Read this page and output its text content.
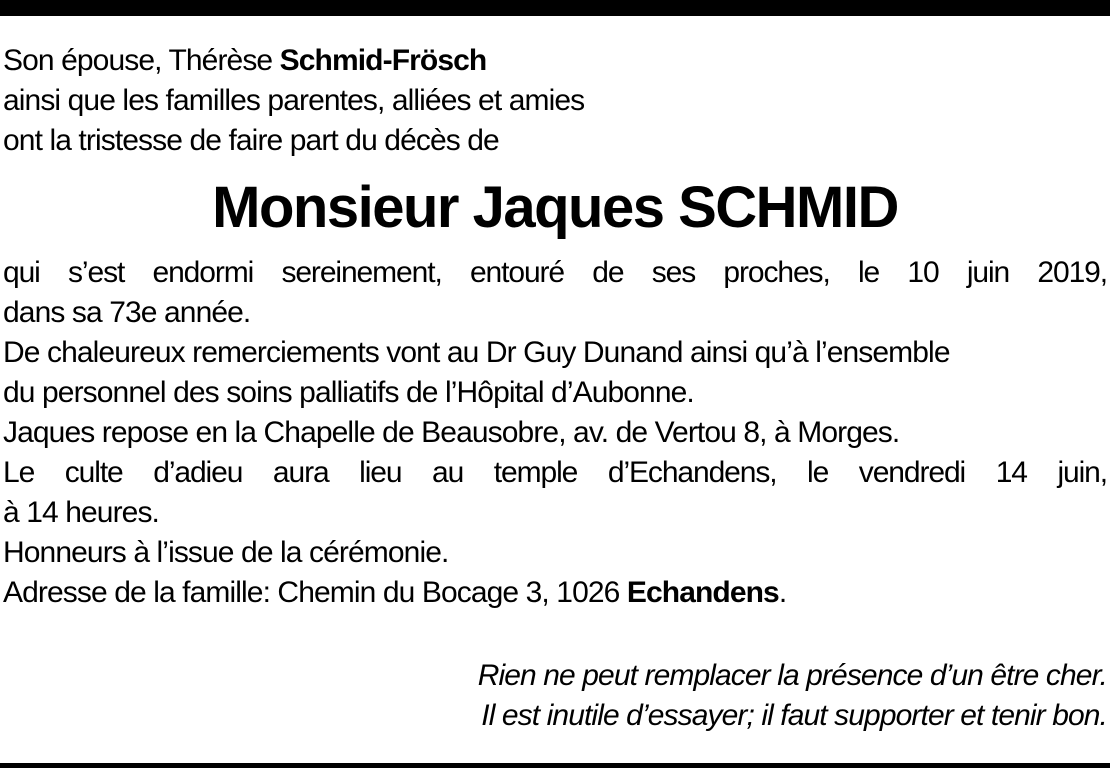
Son épouse, Thérèse Schmid-Frösch
ainsi que les familles parentes, alliées et amies
ont la tristesse de faire part du décès de
Monsieur Jaques SCHMID
qui s’est endormi sereinement, entouré de ses proches, le 10 juin 2019,
dans sa 73e année.
De chaleureux remerciements vont au Dr Guy Dunand ainsi qu’à l’ensemble
du personnel des soins palliatifs de l’Hôpital d’Aubonne.
Jaques repose en la Chapelle de Beausobre, av. de Vertou 8, à Morges.
Le culte d’adieu aura lieu au temple d’Echandens, le vendredi 14 juin,
à 14 heures.
Honneurs à l’issue de la cérémonie.
Adresse de la famille: Chemin du Bocage 3, 1026 Echandens.
Rien ne peut remplacer la présence d’un être cher.
Il est inutile d’essayer; il faut supporter et tenir bon.
